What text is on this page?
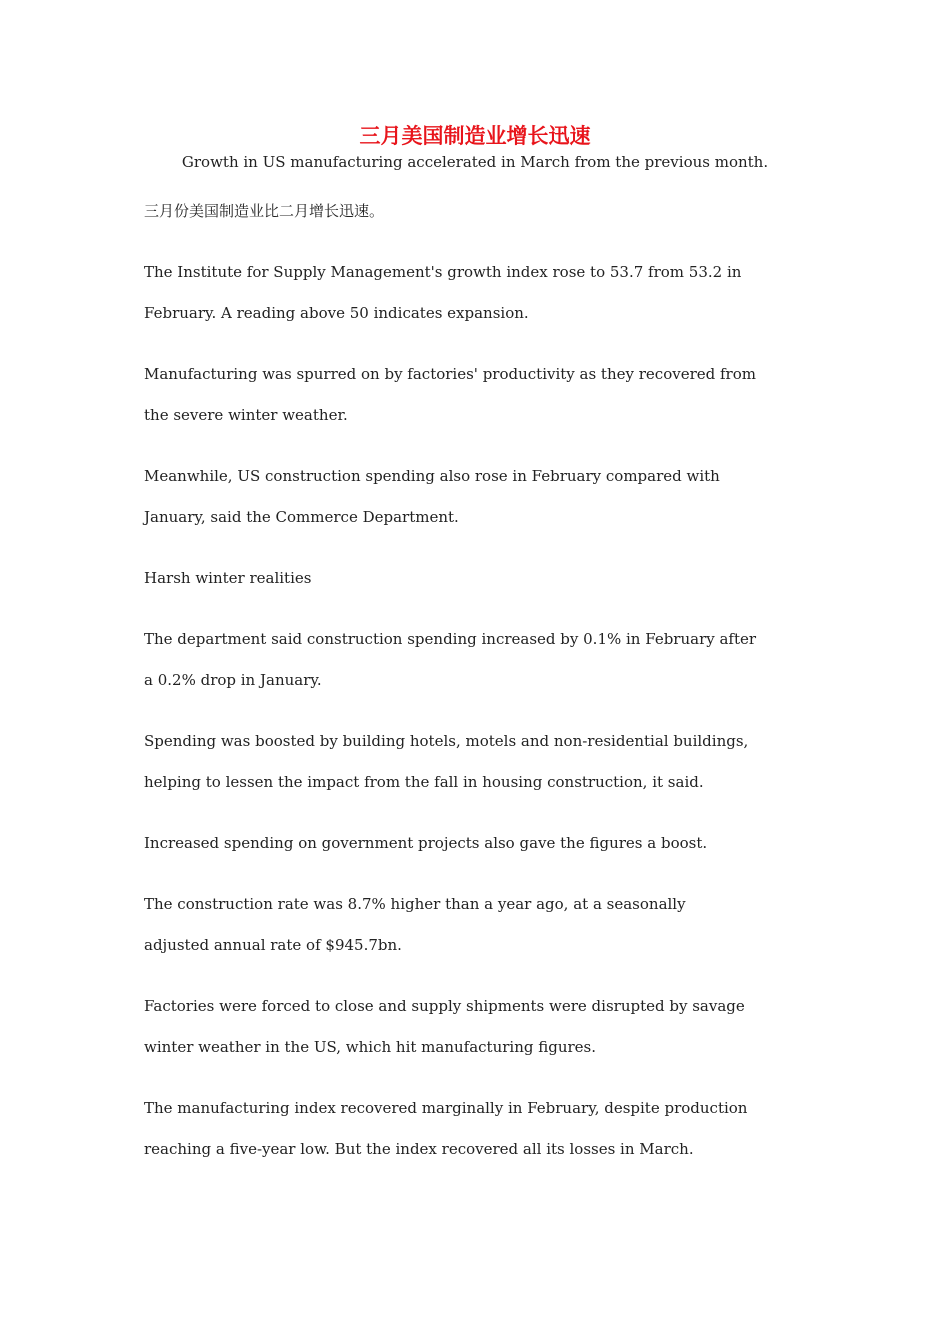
三月美国制造业增长迅速
Growth in US manufacturing accelerated in March from the previous month.

三月份美国制造业比二月增长迅速。

The Institute for Supply Management's growth index rose to 53.7 from 53.2 in
February. A reading above 50 indicates expansion.

Manufacturing was spurred on by factories' productivity as they recovered from
the severe winter weather.

Meanwhile, US construction spending also rose in February compared with
January, said the Commerce Department.

Harsh winter realities

The department said construction spending increased by 0.1% in February after
a 0.2% drop in January.

Spending was boosted by building hotels, motels and non-residential buildings,
helping to lessen the impact from the fall in housing construction, it said.

Increased spending on government projects also gave the figures a boost.

The construction rate was 8.7% higher than a year ago, at a seasonally
adjusted annual rate of $945.7bn.

Factories were forced to close and supply shipments were disrupted by savage
winter weather in the US, which hit manufacturing figures.

The manufacturing index recovered marginally in February, despite production
reaching a five-year low. But the index recovered all its losses in March.
